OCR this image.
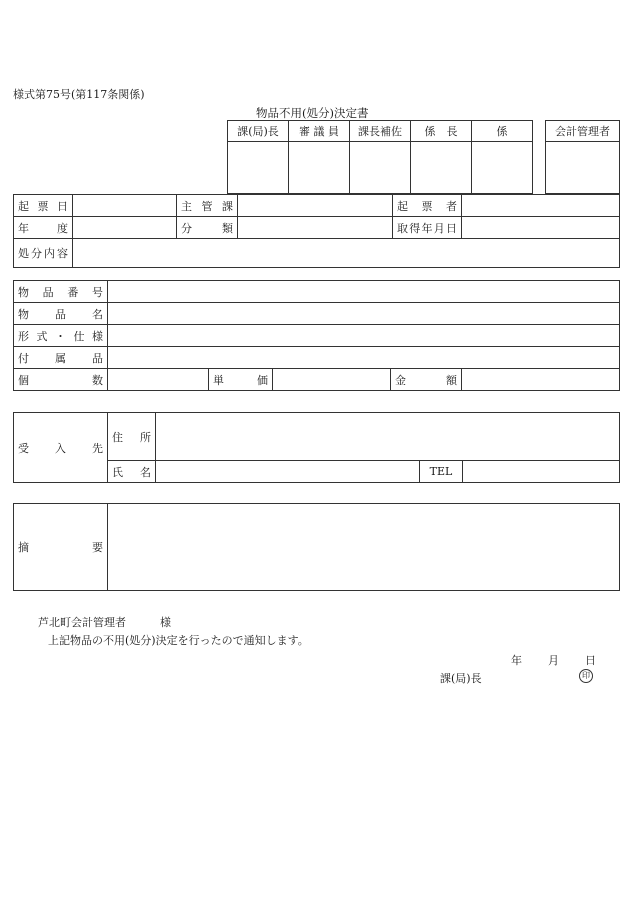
様式第75号(第117条関係)
物品不用(処分)決定書
課(局)長	審 議 員	課長補佐	係　長	係
					会計管理者

起 票 日		主 管 課		起 票 者	
年 度		分 類		取得年月日	
処分内容					
物 品 番 号					
物 品 名					
形 式 ・ 仕 様					
付 属 品					
個 数		単 価		金 額	
受 入 先	住 所			
	氏 名		TEL	
摘 要	
芦北町会計管理者	様
上記物品の不用(処分)決定を行ったので通知します。
年 月 日
課(局)長	印
